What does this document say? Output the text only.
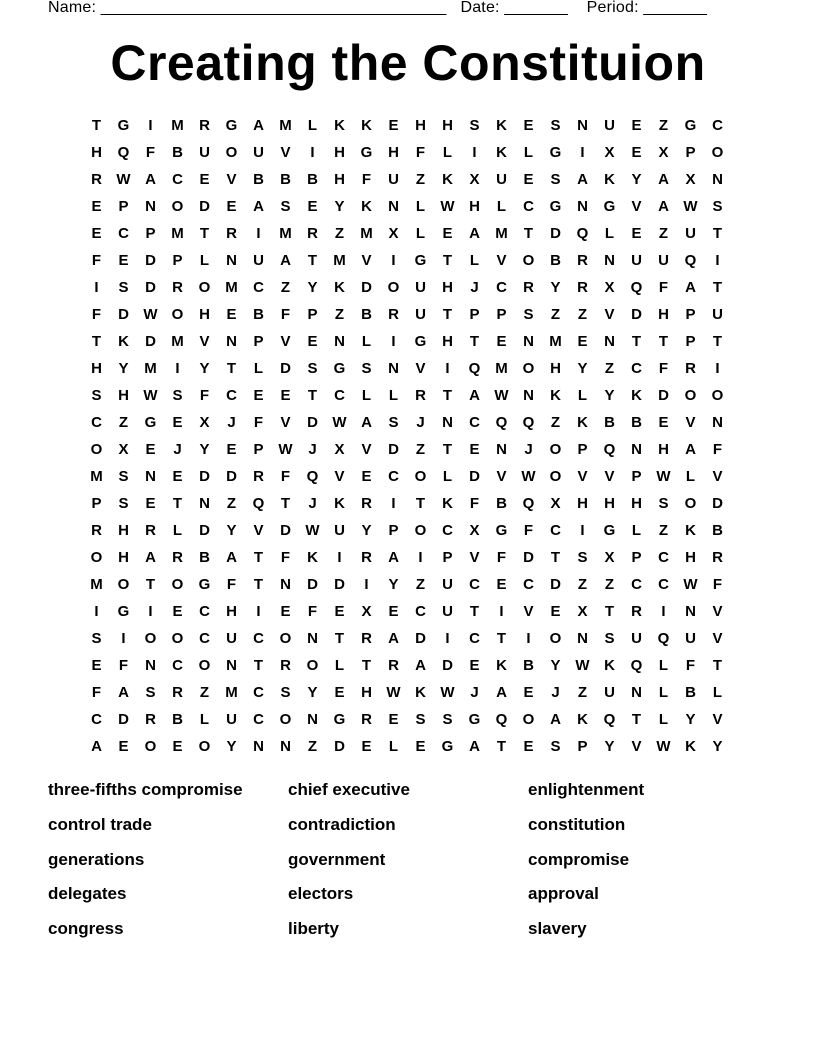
Name: ______________________________________ Date: _______ Period: _______
Creating the Constituion
T	G	I	M	R	G	A	M	L	K	K	E	H	H	S	K	E	S	N	U	E	Z	G	C
H	Q	F	B	U	O	U	V	I	H	G	H	F	L	I	K	L	G	I	X	E	X	P	O
R W A	C	E	V	B	B	B	H	F	U	Z	K	X	U	E	S	A	K	Y	A	X	N
E	P	N	O	D	E	A	S	E	Y	K	N	L	W H	L	C	G	N	G	V	A W S
E	C	P	M	T	R	I	M	R	Z	M	X	L	E	A	M	T	D	Q	L	E	Z	U	T
F	E	D	P	L	N	U	A	T	M	V	I	G	T	L	V	O	B	R	N	U	U	Q	I
I	S	D	R	O M	C	Z	Y	K	D	O	U	H	J	C	R	Y	R	X	Q	F	A	T
F	D W O	H	E	B	F	P	Z	B	R	U	T	P	P	S	Z	Z	V	D	H	P	U
T	K	D	M	V	N	P	V	E	N	L	I	G	H	T	E	N	M	E	N	T	T	P	T
H	Y	M	I	Y	T	L	D	S	G	S	N	V	I	Q M O	H	Y	Z	C	F	R	I
S	H W S	F	C	E	E	T	C	L	L	R	T	A W N	K	L	Y	K	D	O	O
C	Z	G	E	X	J	F	V	D W A	S	J	N	C	Q	Q	Z	K	B	B	E	V	N
O	X	E	J	Y	E	P W	J	X	V	D	Z	T	E	N	J	O	P	Q	N	H	A	F
M	S	N	E	D	D	R	F	Q	V	E	C	O	L	D	V W O	V	V	P W	L	V
P	S	E	T	N	Z	Q	T	J	K	R	I	T	K	F	B	Q	X	H	H	H	S	O	D
R	H	R	L	D	Y	V	D W U	Y	P	O	C	X	G	F	C	I	G	L	Z	K	B
O	H	A	R	B	A	T	F	K	I	R	A	I	P	V	F	D	T	S	X	P	C	H	R
M O	T	O	G	F	T	N	D	D	I	Y	Z	U	C	E	C	D	Z	Z	C	C W	F
I	G	I	E	C	H	I	E	F	E	X	E	C	U	T	I	V	E	X	T	R	I	N	V
S	I	O	O	C	U	C	O	N	T	R	A	D	I	C	T	I	O	N	S	U	Q	U	V
E	F	N	C	O	N	T	R	O	L	T	R	A	D	E	K	B	Y W K	Q	L	F	T
F	A	S	R	Z	M	C	S	Y	E	H W K W	J	A	E	J	Z	U	N	L	B	L
C	D	R	B	L	U	C	O	N	G	R	E	S	S	G	Q	O	A	K	Q	T	L	Y	V
A	E	O	E	O	Y	N	N	Z	D	E	L	E	G	A	T	E	S	P	Y	V W K	Y
three-fifths compromise	chief executive	enlightenment
control trade	contradiction	constitution
generations	government	compromise
delegates	electors	approval
congress	liberty	slavery
